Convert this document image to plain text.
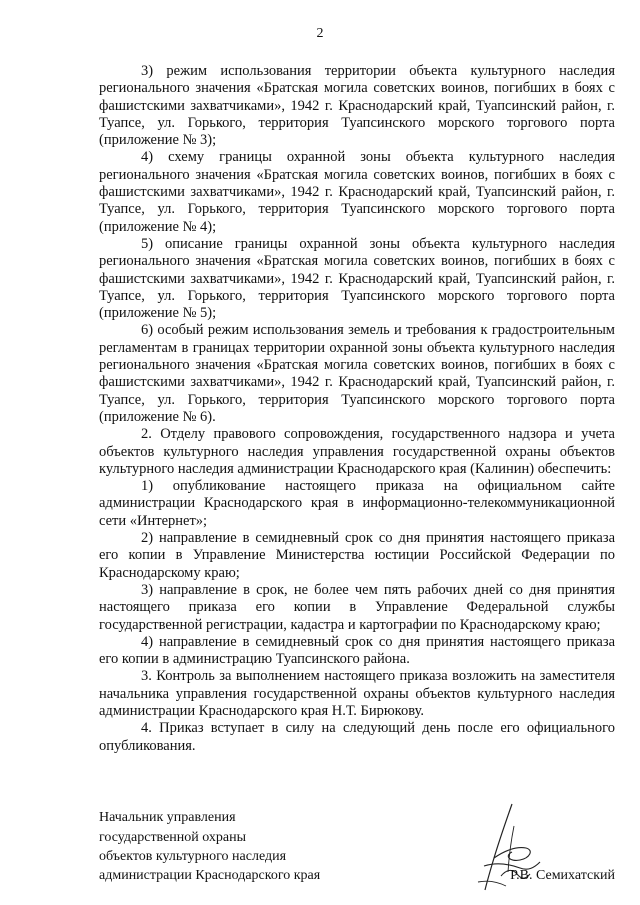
2

3) режим использования территории объекта культурного наследия регионального значения «Братская могила советских воинов, погибших в боях с фашистскими захватчиками», 1942 г. Краснодарский край, Туапсинский район, г. Туапсе, ул. Горького, территория Туапсинского морского торгового порта (приложение № 3);

4) схему границы охранной зоны объекта культурного наследия регионального значения «Братская могила советских воинов, погибших в боях с фашистскими захватчиками», 1942 г. Краснодарский край, Туапсинский район, г. Туапсе, ул. Горького, территория Туапсинского морского торгового порта (приложение № 4);

5) описание границы охранной зоны объекта культурного наследия регионального значения «Братская могила советских воинов, погибших в боях с фашистскими захватчиками», 1942 г. Краснодарский край, Туапсинский район, г. Туапсе, ул. Горького, территория Туапсинского морского торгового порта (приложение № 5);

6) особый режим использования земель и требования к градостроительным регламентам в границах территории охранной зоны объекта культурного наследия регионального значения «Братская могила советских воинов, погибших в боях с фашистскими захватчиками», 1942 г. Краснодарский край, Туапсинский район, г. Туапсе, ул. Горького, территория Туапсинского морского торгового порта (приложение № 6).

2. Отделу правового сопровождения, государственного надзора и учета объектов культурного наследия управления государственной охраны объектов культурного наследия администрации Краснодарского края (Калинин) обеспечить:

1) опубликование настоящего приказа на официальном сайте администрации Краснодарского края в информационно-телекоммуникационной сети «Интернет»;

2) направление в семидневный срок со дня принятия настоящего приказа его копии в Управление Министерства юстиции Российской Федерации по Краснодарскому краю;

3) направление в срок, не более чем пять рабочих дней со дня принятия настоящего приказа его копии в Управление Федеральной службы государственной регистрации, кадастра и картографии по Краснодарскому краю;

4) направление в семидневный срок со дня принятия настоящего приказа его копии в администрацию Туапсинского района.

3. Контроль за выполнением настоящего приказа возложить на заместителя начальника управления государственной охраны объектов культурного наследия администрации Краснодарского края Н.Т. Бирюкову.

4. Приказ вступает в силу на следующий день после его официального опубликования.

Начальник управления

государственной охраны

объектов культурного наследия

администрации Краснодарского края	Р.В. Семихатский
